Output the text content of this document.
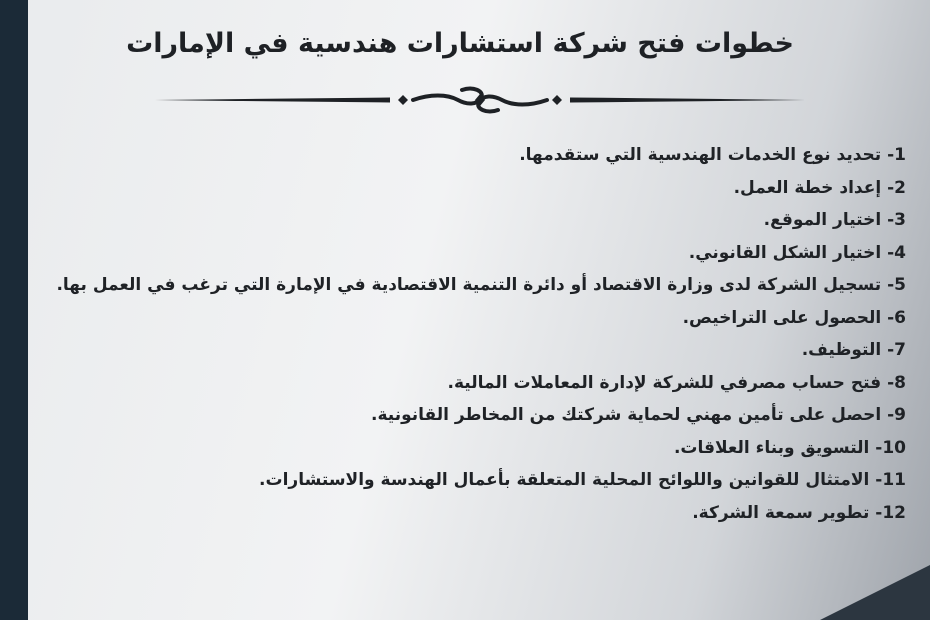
خطوات فتح شركة استشارات هندسية في الإمارات
1- تحديد نوع الخدمات الهندسية التي ستقدمها.
2- إعداد خطة العمل.
3- اختيار الموقع.
4- اختيار الشكل القانوني.
5- تسجيل الشركة لدى وزارة الاقتصاد أو دائرة التنمية الاقتصادية في الإمارة التي ترغب في العمل بها.
6- الحصول على التراخيص.
7- التوظيف.
8- فتح حساب مصرفي للشركة لإدارة المعاملات المالية.
9- احصل على تأمين مهني لحماية شركتك من المخاطر القانونية.
10- التسويق وبناء العلاقات.
11- الامتثال للقوانين واللوائح المحلية المتعلقة بأعمال الهندسة والاستشارات.
12- تطوير سمعة الشركة.
